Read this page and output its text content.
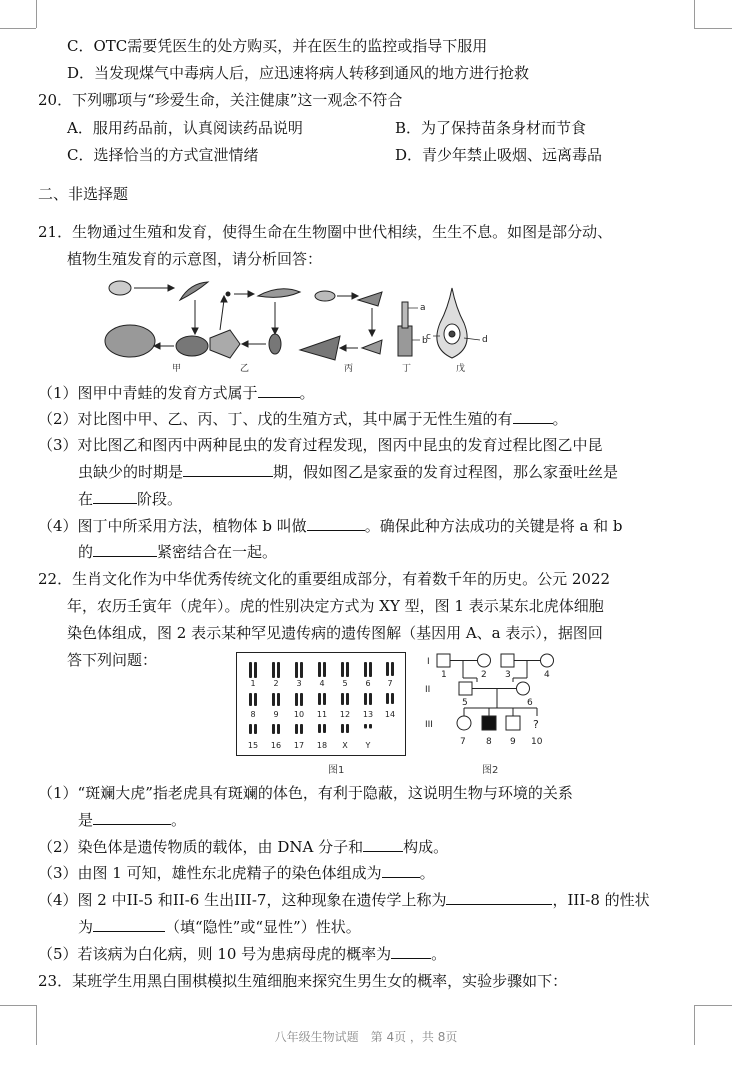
C．OTC需要凭医生的处方购买，并在医生的监控或指导下服用
D．当发现煤气中毒病人后，应迅速将病人转移到通风的地方进行抢救
20．下列哪项与“珍爱生命，关注健康”这一观念不符合
A．服用药品前，认真阅读药品说明	B．为了保持苗条身材而节食
C．选择恰当的方式宣泄情绪	D．青少年禁止吸烟、远离毒品
二、非选择题
21．生物通过生殖和发育，使得生命在生物圈中世代相续，生生不息。如图是部分动、
植物生殖发育的示意图，请分析回答：
a
b
c	d
甲	乙	丙	丁	戊
（1）图甲中青蛙的发育方式属于	。
（2）对比图中甲、乙、丙、丁、戊的生殖方式，其中属于无性生殖的有	。
（3）对比图乙和图丙中两种昆虫的发育过程发现，图丙中昆虫的发育过程比图乙中昆
虫缺少的时期是	期，假如图乙是家蚕的发育过程图，那么家蚕吐丝是
在	阶段。
（4）图丁中所采用方法，植物体 b 叫做	。确保此种方法成功的关键是将 a 和 b
的	紧密结合在一起。
22．生肖文化作为中华优秀传统文化的重要组成部分，有着数千年的历史。公元 2022
年，农历壬寅年（虎年）。虎的性别决定方式为 XY 型，图 1 表示某东北虎体细胞
染色体组成，图 2 表示某种罕见遗传病的遗传图解（基因用 A、a 表示），据图回
答下列问题：
1 2 3 4 5 6 7
8 9 10 11 12 13 14
15 16 17 18 X Y
图1
I
II
III
1	2 3	4
5	6
7 8 9 10
?
图2
（1）“斑斓大虎”指老虎具有斑斓的体色，有利于隐蔽，这说明生物与环境的关系
是	。
（2）染色体是遗传物质的载体，由 DNA 分子和	构成。
（3）由图 1 可知，雄性东北虎精子的染色体组成为	。
（4）图 2 中II-5 和II-6 生出III-7，这种现象在遗传学上称为	，III-8 的性状
为	（填“隐性”或“显性”）性状。
（5）若该病为白化病，则 10 号为患病母虎的概率为	。
23．某班学生用黑白围棋模拟生殖细胞来探究生男生女的概率，实验步骤如下：
八年级生物试题　第 4页 ，共 8页
